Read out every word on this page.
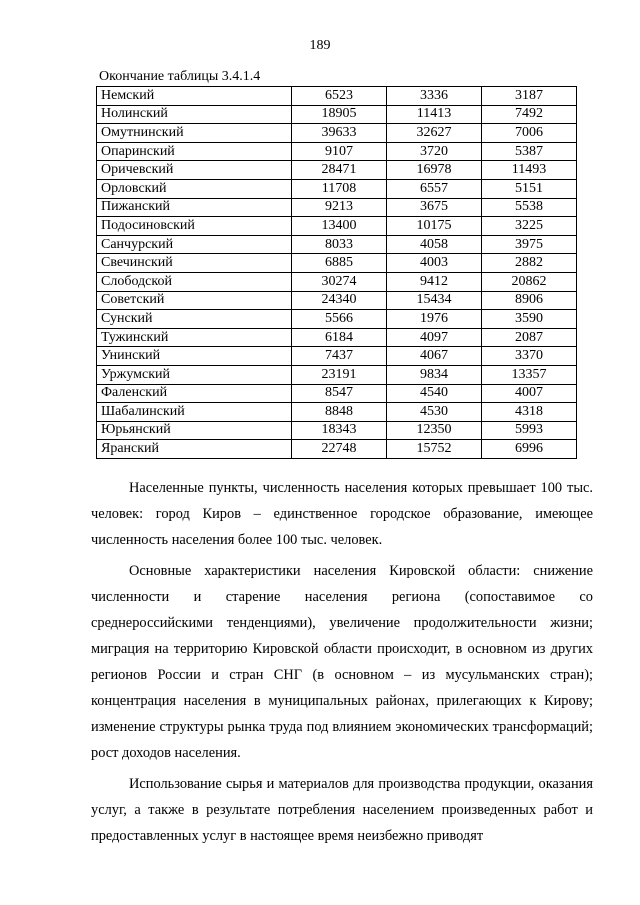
189
Окончание таблицы 3.4.1.4
Немский	6523	3336	3187
Нолинский	18905	11413	7492
Омутнинский	39633	32627	7006
Опаринский	9107	3720	5387
Оричевский	28471	16978	11493
Орловский	11708	6557	5151
Пижанский	9213	3675	5538
Подосиновский	13400	10175	3225
Санчурский	8033	4058	3975
Свечинский	6885	4003	2882
Слободской	30274	9412	20862
Советский	24340	15434	8906
Сунский	5566	1976	3590
Тужинский	6184	4097	2087
Унинский	7437	4067	3370
Уржумский	23191	9834	13357
Фаленский	8547	4540	4007
Шабалинский	8848	4530	4318
Юрьянский	18343	12350	5993
Яранский	22748	15752	6996

Населенные пункты, численность населения которых превышает 100 тыс. человек: город Киров – единственное городское образование, имеющее численность населения более 100 тыс. человек.

Основные характеристики населения Кировской области: снижение численности и старение населения региона (сопоставимое со среднероссийскими тенденциями), увеличение продолжительности жизни; миграция на территорию Кировской области происходит, в основном из других регионов России и стран СНГ (в основном – из мусульманских стран); концентрация населения в муниципальных районах, прилегающих к Кирову; изменение структуры рынка труда под влиянием экономических трансформаций; рост доходов населения.

Использование сырья и материалов для производства продукции, оказания услуг, а также в результате потребления населением произведенных работ и предоставленных услуг в настоящее время неизбежно приводят
